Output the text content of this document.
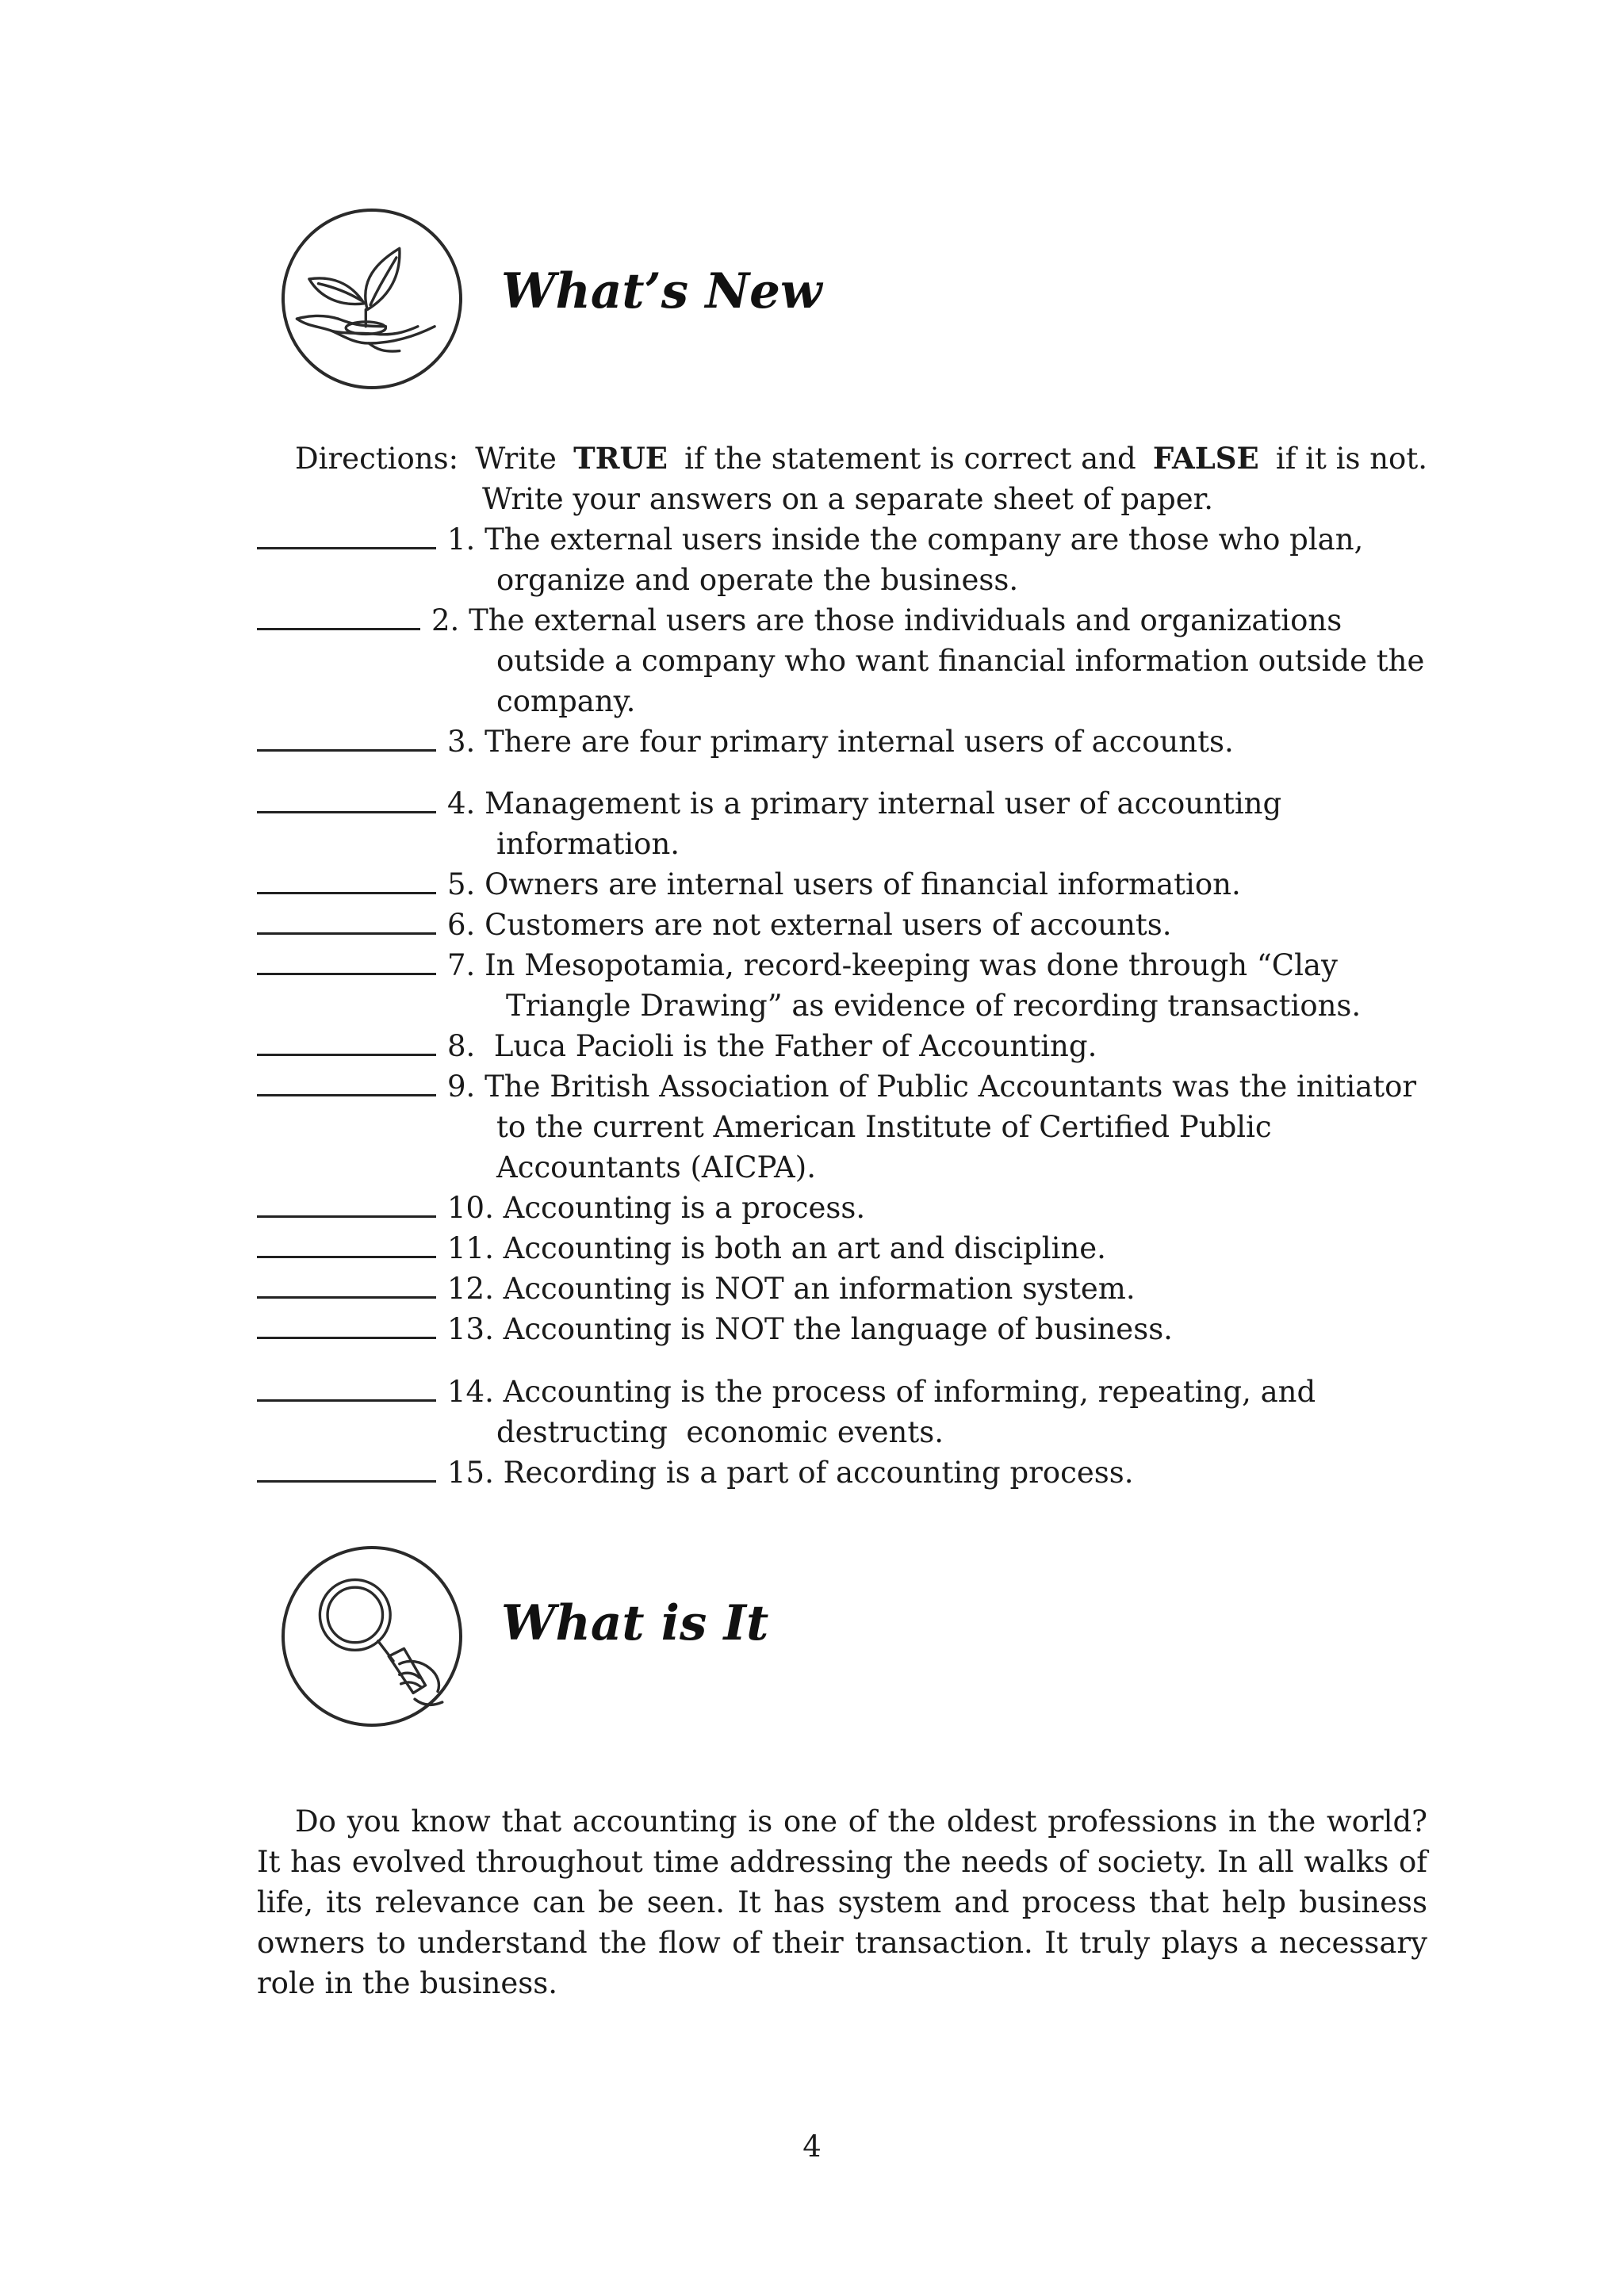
What’s New
Directions: Write TRUE if the statement is correct and FALSE if it is not.
Write your answers on a separate sheet of paper.
1. The external users inside the company are those who plan,
organize and operate the business.
2. The external users are those individuals and organizations
outside a company who want financial information outside the
company.
3. There are four primary internal users of accounts.
4. Management is a primary internal user of accounting
information.
5. Owners are internal users of financial information.
6. Customers are not external users of accounts.
7. In Mesopotamia, record-keeping was done through “Clay
Triangle Drawing” as evidence of recording transactions.
8.  Luca Pacioli is the Father of Accounting.
9. The British Association of Public Accountants was the initiator
to the current American Institute of Certified Public
Accountants (AICPA).
10. Accounting is a process.
11. Accounting is both an art and discipline.
12. Accounting is NOT an information system.
13. Accounting is NOT the language of business.
14. Accounting is the process of informing, repeating, and
destructing  economic events.
15. Recording is a part of accounting process.
What is It

Do you know that accounting is one of the oldest professions in the world? It has evolved throughout time addressing the needs of society. In all walks of life, its relevance can be seen. It has system and process that help business owners to understand the flow of their transaction. It truly plays a necessary role in the business.

4
